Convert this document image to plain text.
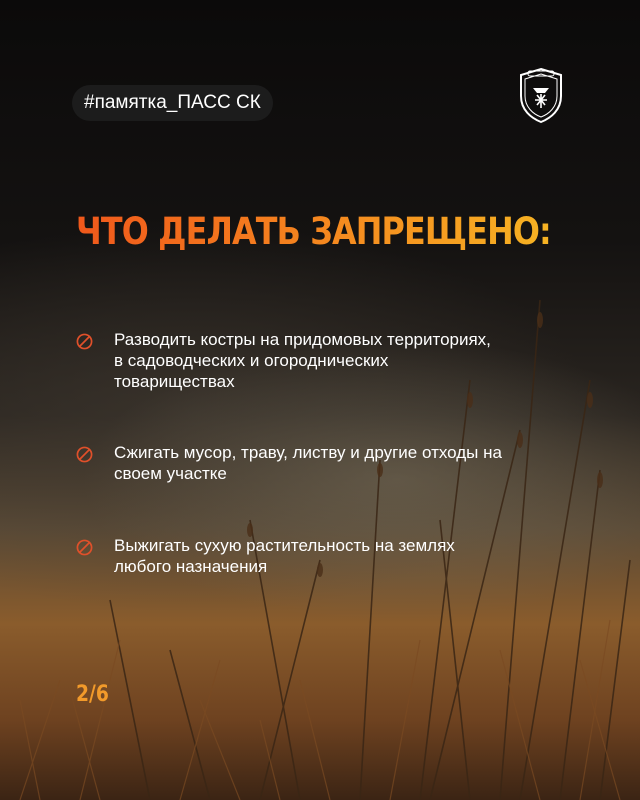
#памятка_ПАСС СК
ЧТО ДЕЛАТЬ ЗАПРЕЩЕНО:
Разводить костры на придомовых территориях, в садоводческих и огороднических товариществах
Сжигать мусор, траву, листву и другие отходы на своем участке
Выжигать сухую растительность на землях любого назначения
2/6
